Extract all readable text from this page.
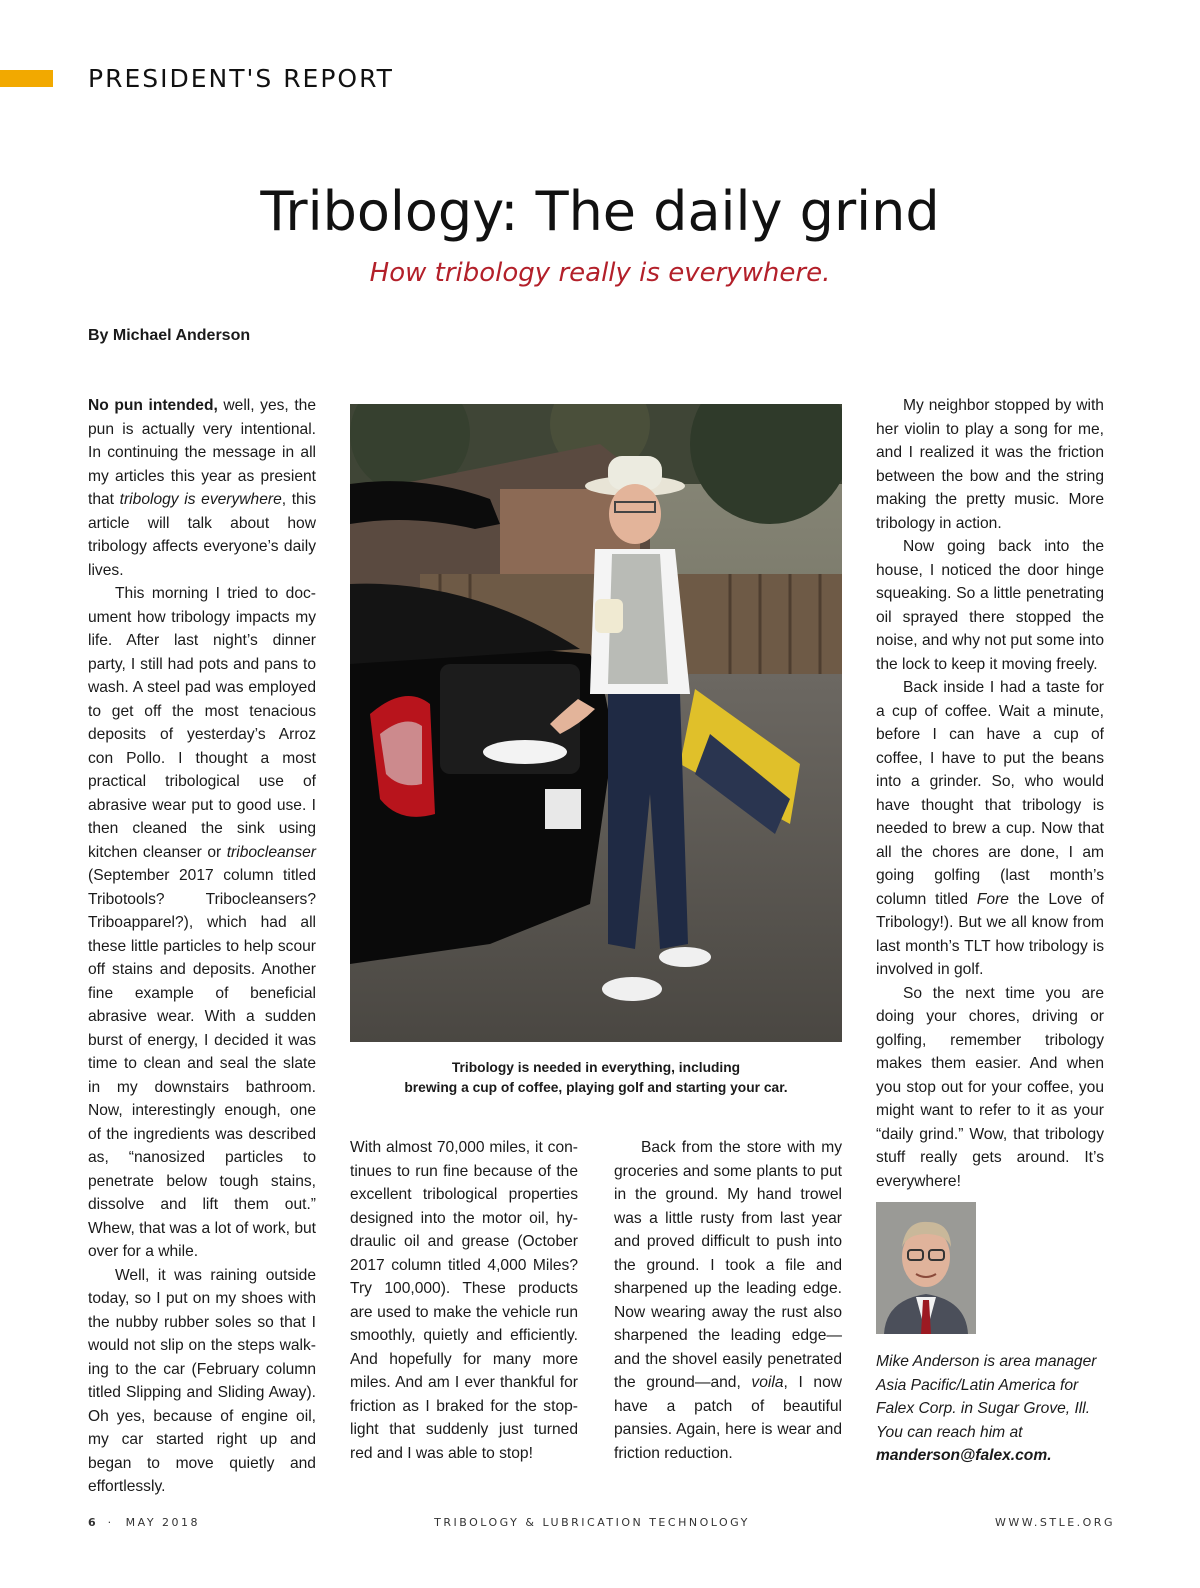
PRESIDENT'S REPORT
Tribology: The daily grind
How tribology really is everywhere.
By Michael Anderson

No pun intended, well, yes, the pun is actually very intentional. In continuing the message in all my articles this year as presient that tribology is everywhere, this article will talk about how tribology affects everyone’s daily lives.

This morning I tried to document how tribology impacts my life. After last night’s dinner party, I still had pots and pans to wash. A steel pad was employed to get off the most tenacious deposits of yesterday’s Arroz con Pollo. I thought a most practical tribological use of abrasive wear put to good use. I then cleaned the sink using kitchen cleanser or tribocleanser (September 2017 column titled Tribotools? Tribocleansers? Triboapparel?), which had all these little particles to help scour off stains and deposits. Another fine example of beneficial abrasive wear. With a sudden burst of energy, I decided it was time to clean and seal the slate in my downstairs bathroom. Now, interestingly enough, one of the ingredients was described as, “nanosized particles to penetrate below tough stains, dissolve and lift them out.” Whew, that was a lot of work, but over for a while.

Well, it was raining outside today, so I put on my shoes with the nubby rubber soles so that I would not slip on the steps walking to the car (February column titled Slipping and Sliding Away). Oh yes, because of engine oil, my car started right up and began to move quietly and effortlessly.

Tribology is needed in everything, including
brewing a cup of coffee, playing golf and starting your car.

With almost 70,000 miles, it continues to run fine because of the excellent tribological properties designed into the motor oil, hydraulic oil and grease (October 2017 column titled 4,000 Miles? Try 100,000). These products are used to make the vehicle run smoothly, quietly and efficiently. And hopefully for many more miles. And am I ever thankful for friction as I braked for the stoplight that suddenly just turned red and I was able to stop!

Back from the store with my groceries and some plants to put in the ground. My hand trowel was a little rusty from last year and proved difficult to push into the ground. I took a file and sharpened up the leading edge. Now wearing away the rust also sharpened the leading edge—and the shovel easily penetrated the ground—and, voila, I now have a patch of beautiful pansies. Again, here is wear and friction reduction.

My neighbor stopped by with her violin to play a song for me, and I realized it was the friction between the bow and the string making the pretty music. More tribology in action.

Now going back into the house, I noticed the door hinge squeaking. So a little penetrating oil sprayed there stopped the noise, and why not put some into the lock to keep it moving freely.

Back inside I had a taste for a cup of coffee. Wait a minute, before I can have a cup of coffee, I have to put the beans into a grinder. So, who would have thought that tribology is needed to brew a cup. Now that all the chores are done, I am going golfing (last month’s column titled Fore the Love of Tribology!). But we all know from last month’s TLT how tribology is involved in golf.

So the next time you are doing your chores, driving or golfing, remember tribology makes them easier. And when you stop out for your coffee, you might want to refer to it as your “daily grind.” Wow, that tribology stuff really gets around. It’s everywhere!

Mike Anderson is area manager Asia Pacific/Latin America for Falex Corp. in Sugar Grove, Ill. You can reach him at manderson@falex.com.
6 · MAY 2018	TRIBOLOGY & LUBRICATION TECHNOLOGY	WWW.STLE.ORG
